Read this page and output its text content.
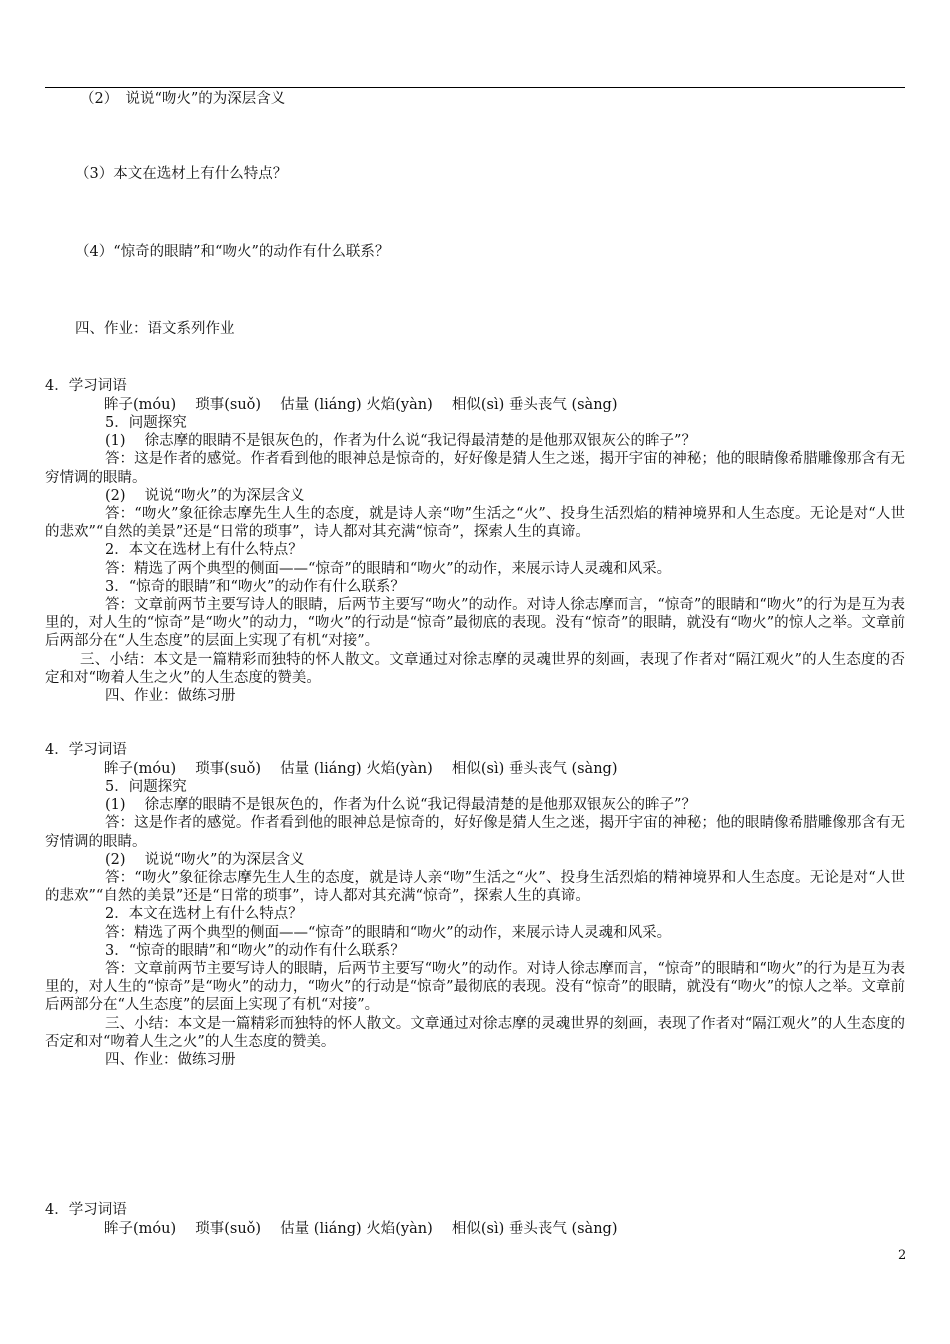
（2）　说说“吻火”的为深层含义
（3）本文在选材上有什么特点？
（4）“惊奇的眼睛”和“吻火”的动作有什么联系？
四、作业：语文系列作业
4．学习词语
眸子(móu)　 琐事(suǒ)　 估量 (liáng) 火焰(yàn)　 相似(sì) 垂头丧气 (sàng)

5．问题探究

(1)　 徐志摩的眼睛不是银灰色的，作者为什么说“我记得最清楚的是他那双银灰公的眸子”？

答：这是作者的感觉。作者看到他的眼神总是惊奇的，好好像是猜人生之迷，揭开宇宙的神秘；他的眼睛像希腊雕像那含有无穷情调的眼睛。

(2)　 说说“吻火”的为深层含义

答：“吻火”象征徐志摩先生人生的态度，就是诗人亲“吻”生活之“火”、投身生活烈焰的精神境界和人生态度。无论是对“人世的悲欢”“自然的美景”还是“日常的琐事”，诗人都对其充满“惊奇”，探索人生的真谛。

2．本文在选材上有什么特点？

答：精选了两个典型的侧面——“惊奇”的眼睛和“吻火”的动作，来展示诗人灵魂和风采。

3．“惊奇的眼睛”和“吻火”的动作有什么联系？

答：文章前两节主要写诗人的眼睛，后两节主要写“吻火”的动作。对诗人徐志摩而言，“惊奇”的眼睛和“吻火”的行为是互为表里的，对人生的“惊奇”是“吻火”的动力，“吻火”的行动是“惊奇”最彻底的表现。没有“惊奇”的眼睛，就没有“吻火”的惊人之举。文章前后两部分在“人生态度”的层面上实现了有机“对接”。

三、小结：本文是一篇精彩而独特的怀人散文。文章通过对徐志摩的灵魂世界的刻画，表现了作者对“隔江观火”的人生态度的否定和对“吻着人生之火”的人生态度的赞美。

四、作业：做练习册

4．学习词语
眸子(móu)　 琐事(suǒ)　 估量 (liáng) 火焰(yàn)　 相似(sì) 垂头丧气 (sàng)

5．问题探究

(1)　 徐志摩的眼睛不是银灰色的，作者为什么说“我记得最清楚的是他那双银灰公的眸子”？

答：这是作者的感觉。作者看到他的眼神总是惊奇的，好好像是猜人生之迷，揭开宇宙的神秘；他的眼睛像希腊雕像那含有无穷情调的眼睛。

(2)　 说说“吻火”的为深层含义

答：“吻火”象征徐志摩先生人生的态度，就是诗人亲“吻”生活之“火”、投身生活烈焰的精神境界和人生态度。无论是对“人世的悲欢”“自然的美景”还是“日常的琐事”，诗人都对其充满“惊奇”，探索人生的真谛。

2．本文在选材上有什么特点？

答：精选了两个典型的侧面——“惊奇”的眼睛和“吻火”的动作，来展示诗人灵魂和风采。

3．“惊奇的眼睛”和“吻火”的动作有什么联系？

答：文章前两节主要写诗人的眼睛，后两节主要写“吻火”的动作。对诗人徐志摩而言，“惊奇”的眼睛和“吻火”的行为是互为表里的，对人生的“惊奇”是“吻火”的动力，“吻火”的行动是“惊奇”最彻底的表现。没有“惊奇”的眼睛，就没有“吻火”的惊人之举。文章前后两部分在“人生态度”的层面上实现了有机“对接”。

三、小结：本文是一篇精彩而独特的怀人散文。文章通过对徐志摩的灵魂世界的刻画，表现了作者对“隔江观火”的人生态度的否定和对“吻着人生之火”的人生态度的赞美。

四、作业：做练习册

4．学习词语
眸子(móu)　 琐事(suǒ)　 估量 (liáng) 火焰(yàn)　 相似(sì) 垂头丧气 (sàng)
2
